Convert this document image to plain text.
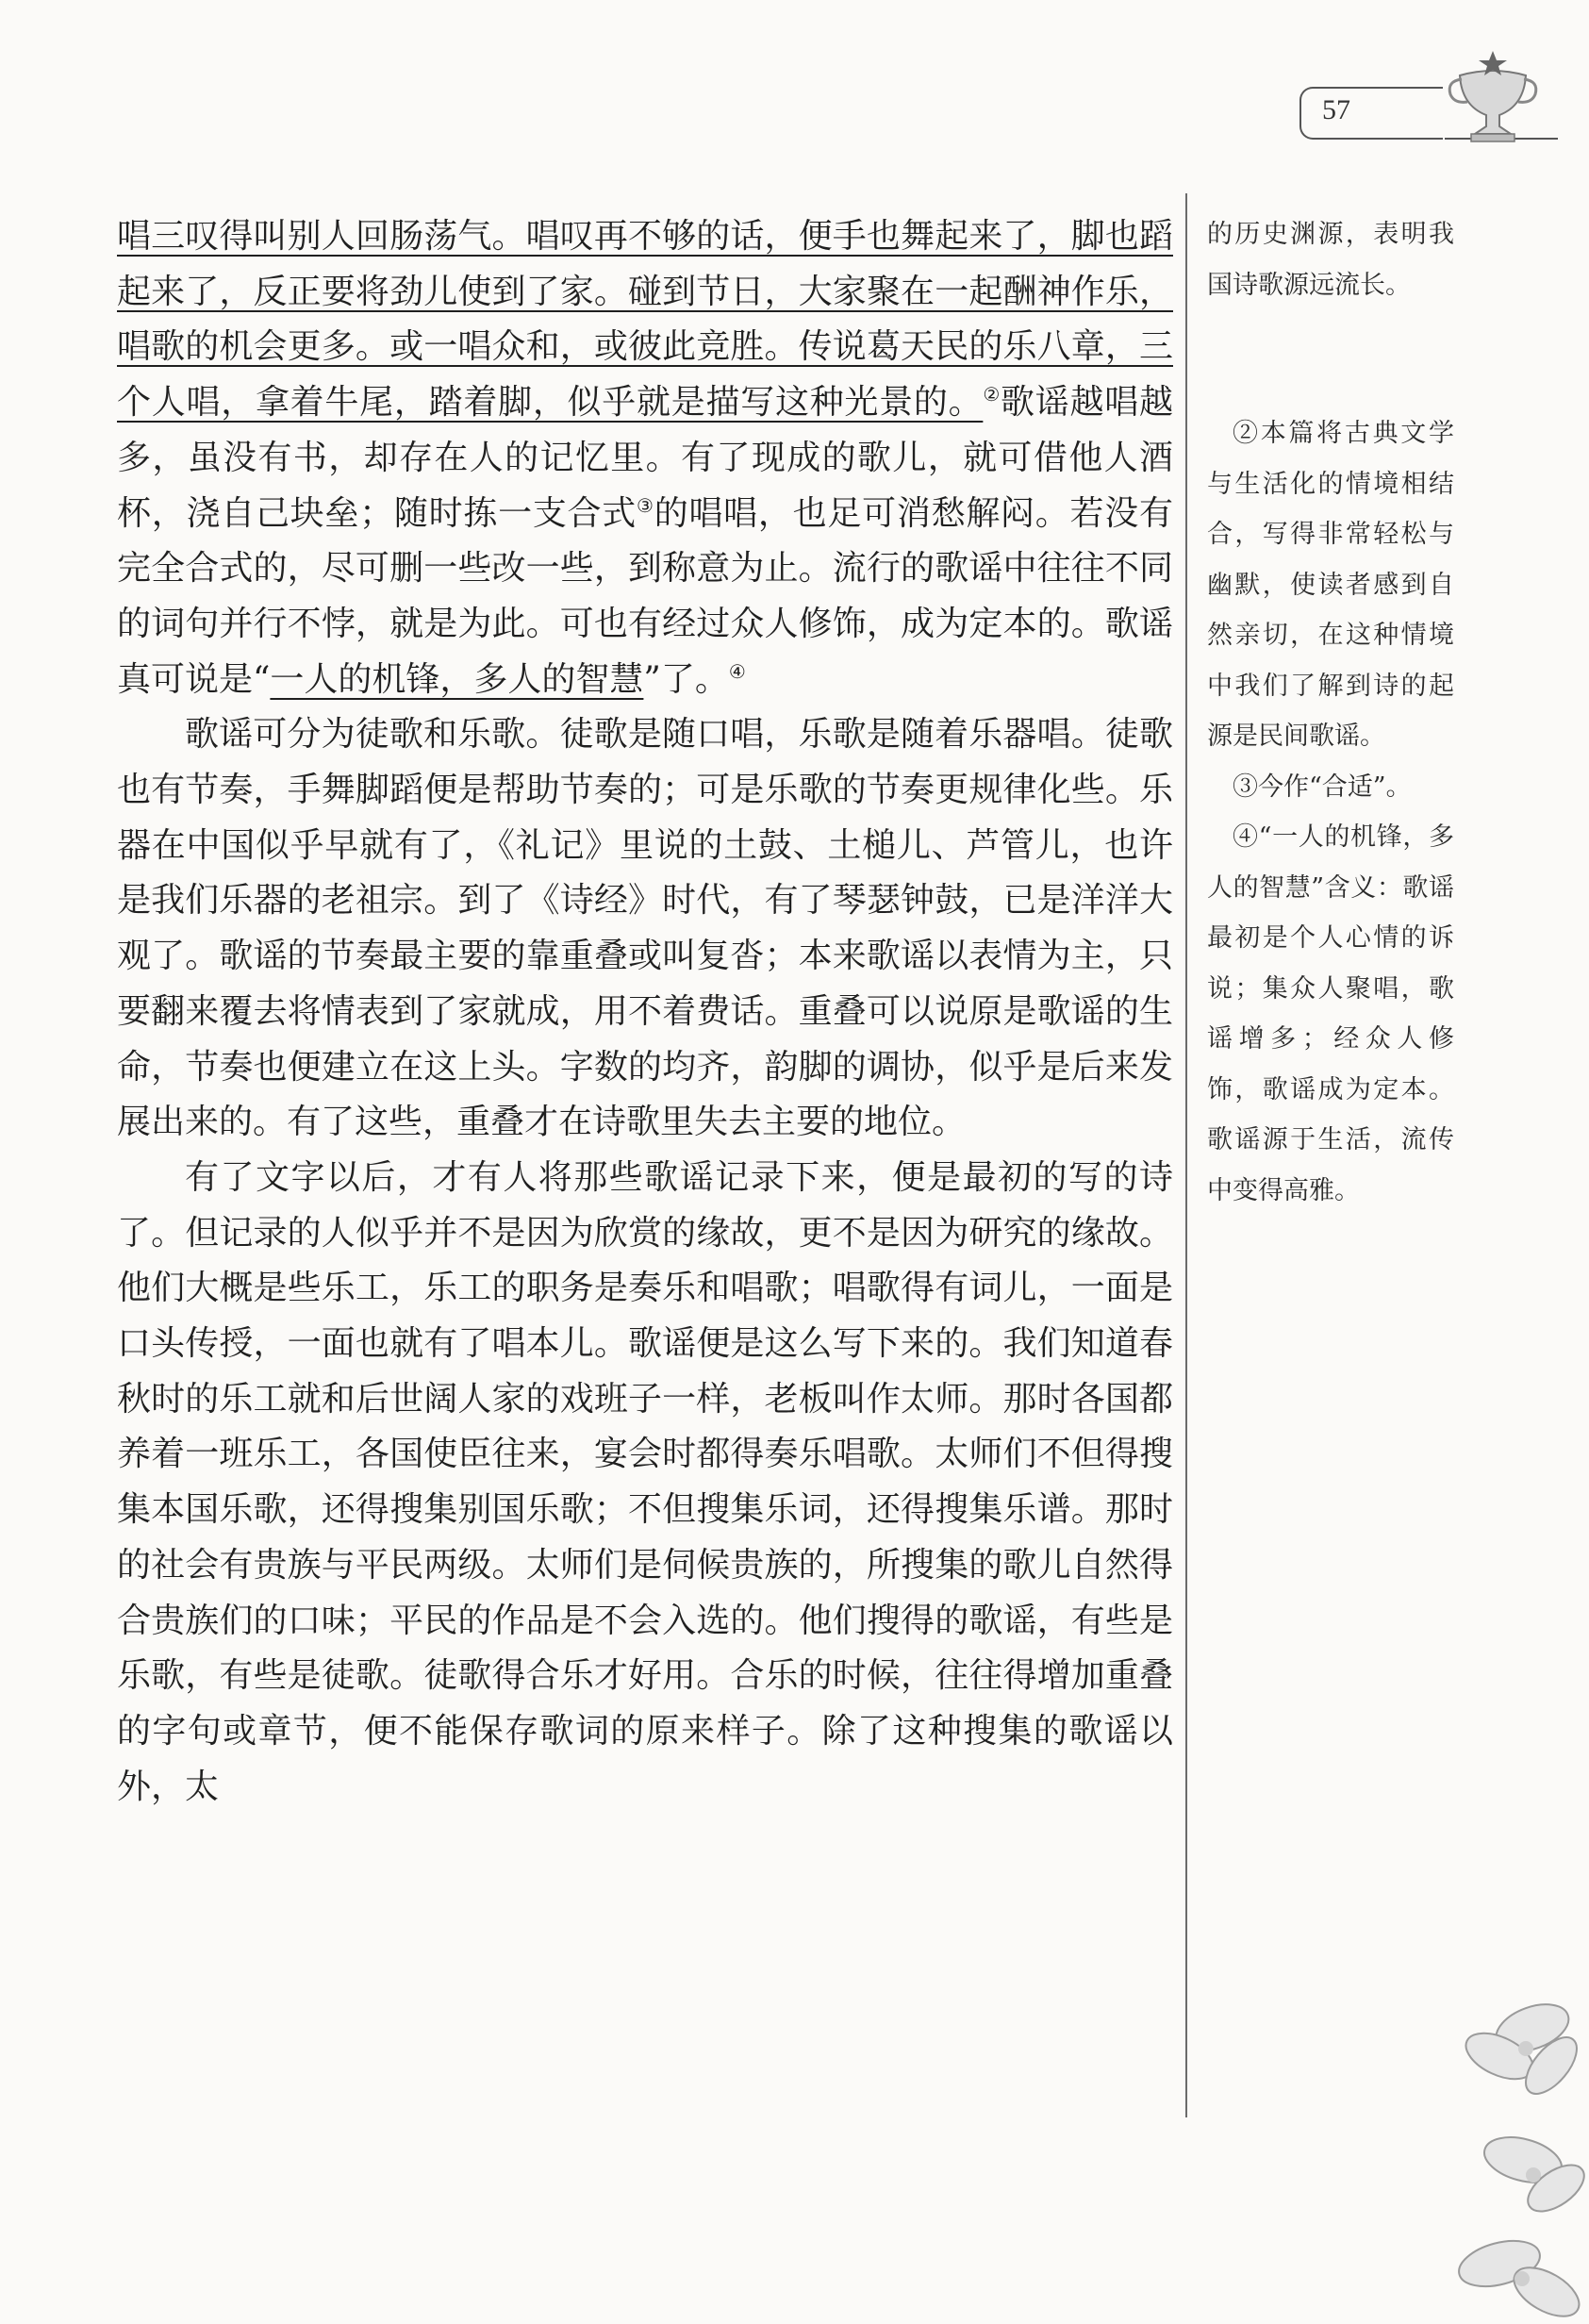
57

唱三叹得叫别人回肠荡气。唱叹再不够的话，便手也舞起来了，脚也蹈起来了，反正要将劲儿使到了家。碰到节日，大家聚在一起酬神作乐，唱歌的机会更多。或一唱众和，或彼此竞胜。传说葛天民的乐八章，三个人唱，拿着牛尾，踏着脚，似乎就是描写这种光景的。②歌谣越唱越多，虽没有书，却存在人的记忆里。有了现成的歌儿，就可借他人酒杯，浇自己块垒；随时拣一支合式③的唱唱，也足可消愁解闷。若没有完全合式的，尽可删一些改一些，到称意为止。流行的歌谣中往往不同的词句并行不悖，就是为此。可也有经过众人修饰，成为定本的。歌谣真可说是“一人的机锋，多人的智慧”了。④

歌谣可分为徒歌和乐歌。徒歌是随口唱，乐歌是随着乐器唱。徒歌也有节奏，手舞脚蹈便是帮助节奏的；可是乐歌的节奏更规律化些。乐器在中国似乎早就有了，《礼记》里说的土鼓、土槌儿、芦管儿，也许是我们乐器的老祖宗。到了《诗经》时代，有了琴瑟钟鼓，已是洋洋大观了。歌谣的节奏最主要的靠重叠或叫复沓；本来歌谣以表情为主，只要翻来覆去将情表到了家就成，用不着费话。重叠可以说原是歌谣的生命，节奏也便建立在这上头。字数的均齐，韵脚的调协，似乎是后来发展出来的。有了这些，重叠才在诗歌里失去主要的地位。

有了文字以后，才有人将那些歌谣记录下来，便是最初的写的诗了。但记录的人似乎并不是因为欣赏的缘故，更不是因为研究的缘故。他们大概是些乐工，乐工的职务是奏乐和唱歌；唱歌得有词儿，一面是口头传授，一面也就有了唱本儿。歌谣便是这么写下来的。我们知道春秋时的乐工就和后世阔人家的戏班子一样，老板叫作太师。那时各国都养着一班乐工，各国使臣往来，宴会时都得奏乐唱歌。太师们不但得搜集本国乐歌，还得搜集别国乐歌；不但搜集乐词，还得搜集乐谱。那时的社会有贵族与平民两级。太师们是伺候贵族的，所搜集的歌儿自然得合贵族们的口味；平民的作品是不会入选的。他们搜得的歌谣，有些是乐歌，有些是徒歌。徒歌得合乐才好用。合乐的时候，往往得增加重叠的字句或章节，便不能保存歌词的原来样子。除了这种搜集的歌谣以外，太

的历史渊源，表明我国诗歌源远流长。

②本篇将古典文学与生活化的情境相结合，写得非常轻松与幽默，使读者感到自然亲切，在这种情境中我们了解到诗的起源是民间歌谣。

③今作“合适”。

④“一人的机锋，多人的智慧”含义：歌谣最初是个人心情的诉说；集众人聚唱，歌谣增多；经众人修饰，歌谣成为定本。歌谣源于生活，流传中变得高雅。
